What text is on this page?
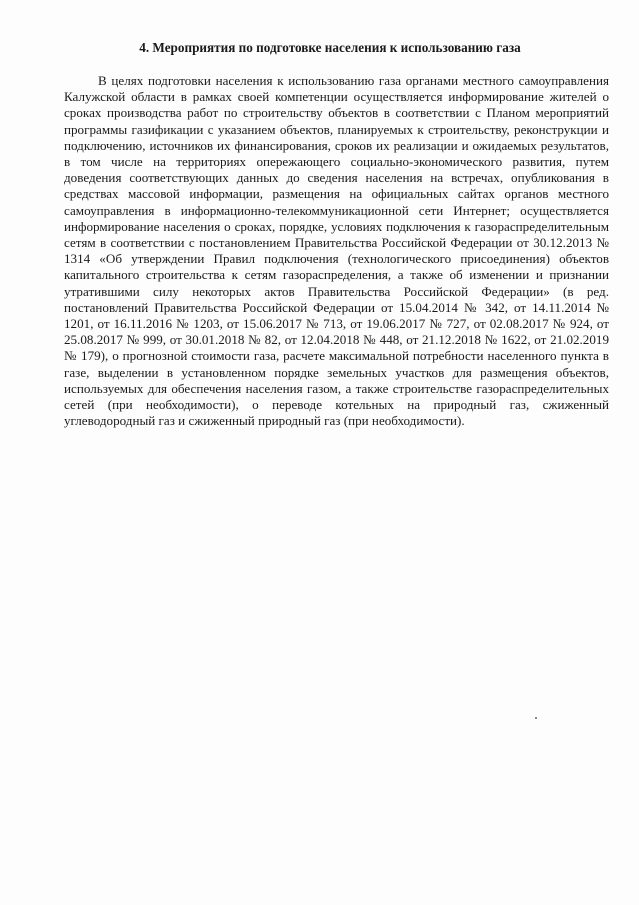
4. Мероприятия по подготовке населения к использованию газа

В целях подготовки населения к использованию газа органами местного самоуправления Калужской области в рамках своей компетенции осуществляется информирование жителей о сроках производства работ по строительству объектов в соответствии с Планом мероприятий программы газификации с указанием объектов, планируемых к строительству, реконструкции и подключению, источников их финансирования, сроков их реализации и ожидаемых результатов, в том числе на территориях опережающего социально-экономического развития, путем доведения соответствующих данных до сведения населения на встречах, опубликования в средствах массовой информации, размещения на официальных сайтах органов местного самоуправления в информационно-телекоммуникационной сети Интернет; осуществляется информирование населения о сроках, порядке, условиях подключения к газораспределительным сетям в соответствии с постановлением Правительства Российской Федерации от 30.12.2013 № 1314 «Об утверждении Правил подключения (технологического присоединения) объектов капитального строительства к сетям газораспределения, а также об изменении и признании утратившими силу некоторых актов Правительства Российской Федерации» (в ред. постановлений Правительства Российской Федерации от 15.04.2014 № 342, от 14.11.2014 № 1201, от 16.11.2016 № 1203, от 15.06.2017 № 713, от 19.06.2017 № 727, от 02.08.2017 № 924, от 25.08.2017 № 999, от 30.01.2018 № 82, от 12.04.2018 № 448, от 21.12.2018 № 1622, от 21.02.2019 № 179), о прогнозной стоимости газа, расчете максимальной потребности населенного пункта в газе, выделении в установленном порядке земельных участков для размещения объектов, используемых для обеспечения населения газом, а также строительстве газораспределительных сетей (при необходимости), о переводе котельных на природный газ, сжиженный углеводородный газ и сжиженный природный газ (при необходимости).
